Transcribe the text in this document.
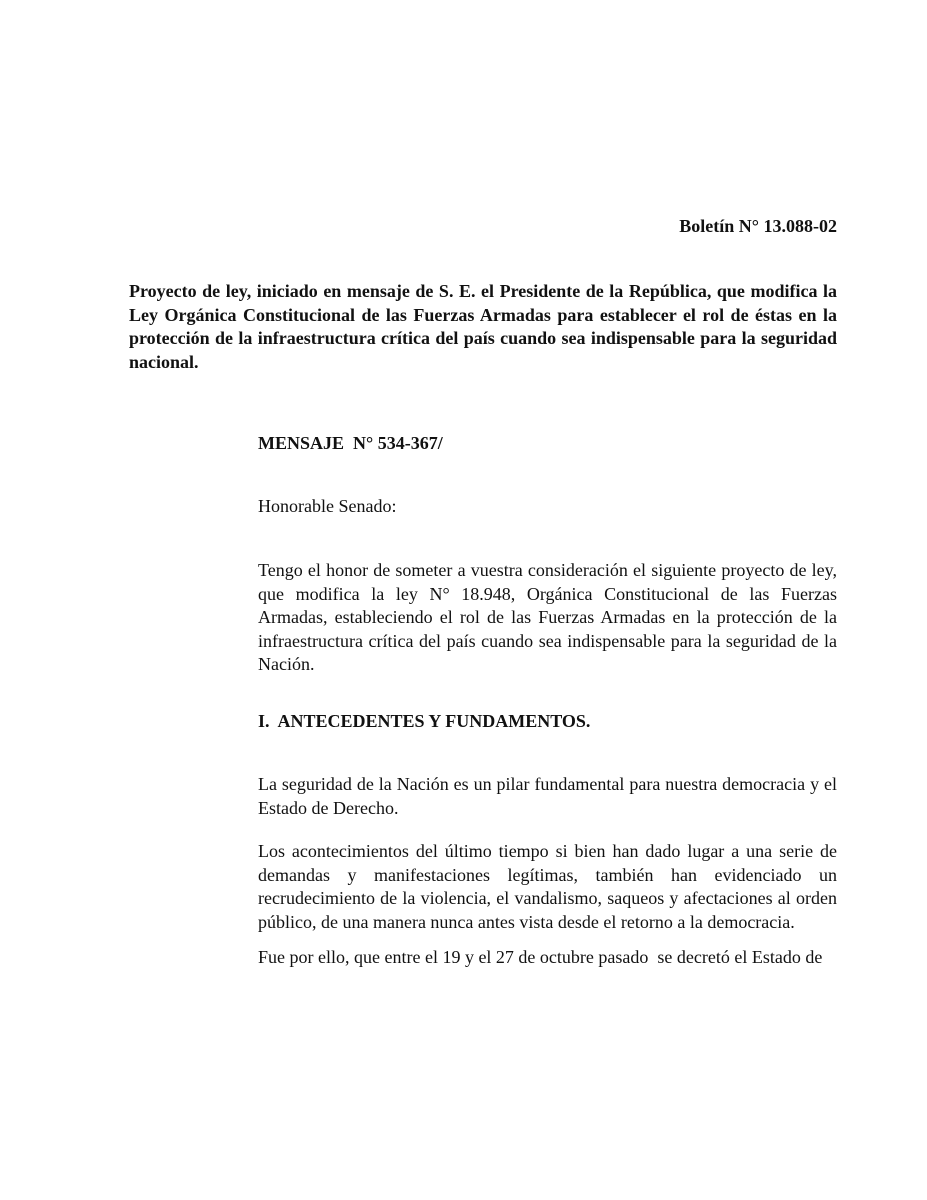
Boletín N° 13.088-02
Proyecto de ley, iniciado en mensaje de S. E. el Presidente de la República, que modifica la Ley Orgánica Constitucional de las Fuerzas Armadas para establecer el rol de éstas en la protección de la infraestructura crítica del país cuando sea indispensable para la seguridad nacional.
MENSAJE  N° 534-367/
Honorable Senado:
Tengo el honor de someter a vuestra consideración el siguiente proyecto de ley, que modifica la ley N° 18.948, Orgánica Constitucional de las Fuerzas Armadas, estableciendo el rol de las Fuerzas Armadas en la protección de la infraestructura crítica del país cuando sea indispensable para la seguridad de la Nación.
I.  ANTECEDENTES Y FUNDAMENTOS.
La seguridad de la Nación es un pilar fundamental para nuestra democracia y el Estado de Derecho.
Los acontecimientos del último tiempo si bien han dado lugar a una serie de demandas y manifestaciones legítimas, también han evidenciado un recrudecimiento de la violencia, el vandalismo, saqueos y afectaciones al orden público, de una manera nunca antes vista desde el retorno a la democracia.
Fue por ello, que entre el 19 y el 27 de octubre pasado  se decretó el Estado de
